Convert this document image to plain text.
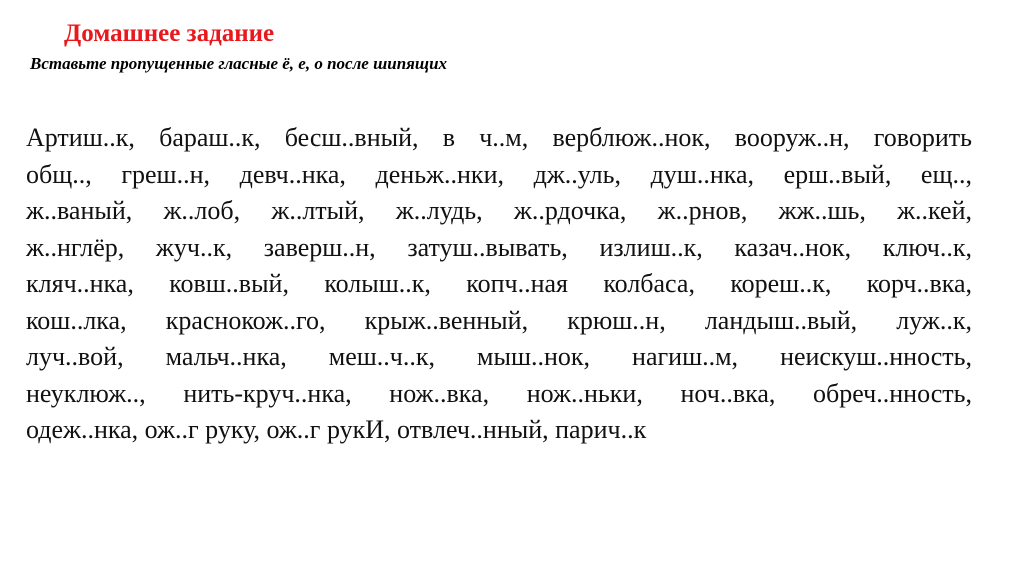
Домашнее задание
Вставьте пропущенные гласные ё, е, о после шипящих
Артиш..к, бараш..к, бесш..вный, в ч..м, верблюж..нок, вооруж..н, говорить
общ.., греш..н, девч..нка, деньж..нки, дж..уль, душ..нка, ерш..вый, ещ..,
ж..ваный, ж..лоб, ж..лтый, ж..лудь, ж..рдочка, ж..рнов, жж..шь, ж..кей,
ж..нглёр, жуч..к, заверш..н, затуш..вывать, излиш..к, казач..нок, ключ..к,
кляч..нка, ковш..вый, колыш..к, копч..ная колбаса, кореш..к, корч..вка,
кош..лка, краснокож..го, крыж..венный, крюш..н, ландыш..вый, луж..к,
луч..вой, мальч..нка, меш..ч..к, мыш..нок, нагиш..м, неискуш..нность,
неуклюж.., нить-круч..нка, нож..вка, нож..ньки, ноч..вка, обреч..нность,
одеж..нка, ож..г руку, ож..г рукИ, отвлеч..нный, парич..к
